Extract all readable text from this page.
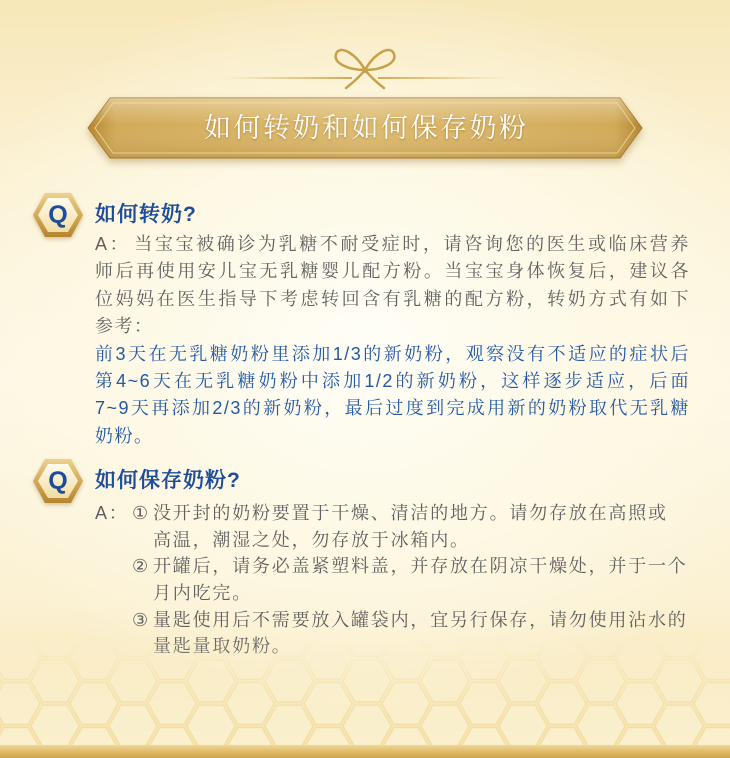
如何转奶和如何保存奶粉
Q	如何转奶?
A： 当宝宝被确诊为乳糖不耐受症时，请咨询您的医生或临床营养
师后再使用安儿宝无乳糖婴儿配方粉。当宝宝身体恢复后，建议各
位妈妈在医生指导下考虑转回含有乳糖的配方粉，转奶方式有如下
参考：
前3天在无乳糖奶粉里添加1/3的新奶粉，观察没有不适应的症状后
第4~6天在无乳糖奶粉中添加1/2的新奶粉，这样逐步适应，后面
7~9天再添加2/3的新奶粉，最后过度到完成用新的奶粉取代无乳糖
奶粉。
Q	如何保存奶粉?
A： ① 没开封的奶粉要置于干燥、清洁的地方。请勿存放在高照或
高温，潮湿之处，勿存放于冰箱内。
② 开罐后，请务必盖紧塑料盖，并存放在阴凉干燥处，并于一个
月内吃完。
③ 量匙使用后不需要放入罐袋内，宜另行保存，请勿使用沾水的
